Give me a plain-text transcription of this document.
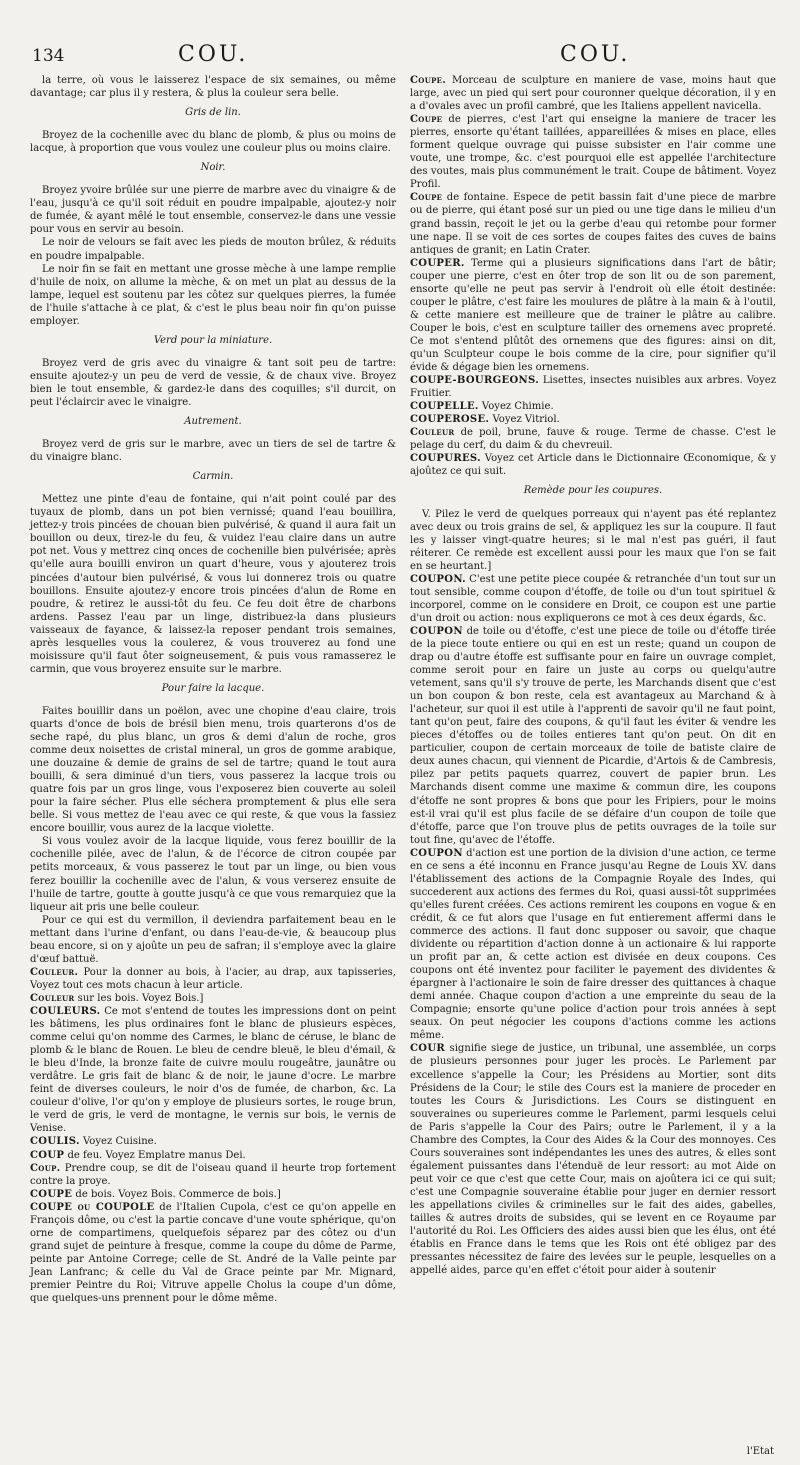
134	COU.	COU.

la terre, où vous le laisserez l'espace de six semaines, ou même davantage; car plus il y restera, & plus la couleur sera belle.

Gris de lin.

Broyez de la cochenille avec du blanc de plomb, & plus ou moins de lacque, à proportion que vous voulez une couleur plus ou moins claire.

Noir.

Broyez yvoire brûlée sur une pierre de marbre avec du vinaigre & de l'eau, jusqu'à ce qu'il soit réduit en poudre impalpable, ajoutez-y noir de fumée, & ayant mêlé le tout ensemble, conservez-le dans une vessie pour vous en servir au besoin.

Le noir de velours se fait avec les pieds de mouton brûlez, & réduits en poudre impalpable.

Le noir fin se fait en mettant une grosse mèche à une lampe remplie d'huile de noix, on allume la mèche, & on met un plat au dessus de la lampe, lequel est soutenu par les côtez sur quelques pierres, la fumée de l'huile s'attache à ce plat, & c'est le plus beau noir fin qu'on puisse employer.

Verd pour la miniature.

Broyez verd de gris avec du vinaigre & tant soit peu de tartre: ensuite ajoutez-y un peu de verd de vessie, & de chaux vive. Broyez bien le tout ensemble, & gardez-le dans des coquilles; s'il durcit, on peut l'éclaircir avec le vinaigre.

Autrement.

Broyez verd de gris sur le marbre, avec un tiers de sel de tartre & du vinaigre blanc.

Carmin.

Mettez une pinte d'eau de fontaine, qui n'ait point coulé par des tuyaux de plomb, dans un pot bien vernissé; quand l'eau bouillira, jettez-y trois pincées de chouan bien pulvérisé, & quand il aura fait un bouillon ou deux, tirez-le du feu, & vuidez l'eau claire dans un autre pot net. Vous y mettrez cinq onces de cochenille bien pulvérisée; après qu'elle aura bouilli environ un quart d'heure, vous y ajouterez trois pincées d'autour bien pulvérisé, & vous lui donnerez trois ou quatre bouillons. Ensuite ajoutez-y encore trois pincées d'alun de Rome en poudre, & retirez le aussi-tôt du feu. Ce feu doit être de charbons ardens. Passez l'eau par un linge, distribuez-la dans plusieurs vaisseaux de fayance, & laissez-la reposer pendant trois semaines, après lesquelles vous la coulerez, & vous trouverez au fond une moisissure qu'il faut ôter soigneusement, & puis vous ramasserez le carmin, que vous broyerez ensuite sur le marbre.

Pour faire la lacque.

Faites bouillir dans un poëlon, avec une chopine d'eau claire, trois quarts d'once de bois de brésil bien menu, trois quarterons d'os de seche rapé, du plus blanc, un gros & demi d'alun de roche, gros comme deux noisettes de cristal mineral, un gros de gomme arabique, une douzaine & demie de grains de sel de tartre; quand le tout aura bouilli, & sera diminué d'un tiers, vous passerez la lacque trois ou quatre fois par un gros linge, vous l'exposerez bien couverte au soleil pour la faire sécher. Plus elle séchera promptement & plus elle sera belle. Si vous mettez de l'eau avec ce qui reste, & que vous la fassiez encore bouillir, vous aurez de la lacque violette.

Si vous voulez avoir de la lacque liquide, vous ferez bouillir de la cochenille pilée, avec de l'alun, & de l'écorce de citron coupée par petits morceaux, & vous passerez le tout par un linge, ou bien vous ferez bouillir la cochenille avec de l'alun, & vous verserez ensuite de l'huile de tartre, goutte à goutte jusqu'à ce que vous remarquiez que la liqueur ait pris une belle couleur.

Pour ce qui est du vermillon, il deviendra parfaitement beau en le mettant dans l'urine d'enfant, ou dans l'eau-de-vie, & beaucoup plus beau encore, si on y ajoûte un peu de safran; il s'employe avec la glaire d'œuf battuë.

Couleur. Pour la donner au bois, à l'acier, au drap, aux tapisseries, Voyez tout ces mots chacun à leur article.

Couleur sur les bois. Voyez Bois.]

COULEURS. Ce mot s'entend de toutes les impressions dont on peint les bâtimens, les plus ordinaires font le blanc de plusieurs espèces, comme celui qu'on nomme des Carmes, le blanc de céruse, le blanc de plomb & le blanc de Rouen. Le bleu de cendre bleuë, le bleu d'émail, & le bleu d'Inde, la bronze faite de cuivre moulu rougeâtre, jaunâtre ou verdâtre. Le gris fait de blanc & de noir, le jaune d'ocre. Le marbre feint de diverses couleurs, le noir d'os de fumée, de charbon, &c. La couleur d'olive, l'or qu'on y employe de plusieurs sortes, le rouge brun, le verd de gris, le verd de montagne, le vernis sur bois, le vernis de Venise.

COULIS. Voyez Cuisine.

COUP de feu. Voyez Emplatre manus Dei.

Coup. Prendre coup, se dit de l'oiseau quand il heurte trop fortement contre la proye.

COUPE de bois. Voyez Bois. Commerce de bois.]

COUPE ou COUPOLE de l'Italien Cupola, c'est ce qu'on appelle en François dôme, ou c'est la partie concave d'une voute sphérique, qu'on orne de compartimens, quelquefois séparez par des côtez ou d'un grand sujet de peinture à fresque, comme la coupe du dôme de Parme, peinte par Antoine Correge; celle de St. André de la Valle peinte par Jean Lanfranc; & celle du Val de Grace peinte par Mr. Mignard, premier Peintre du Roi; Vitruve appelle Cholus la coupe d'un dôme, que quelques-uns prennent pour le dôme même.

Coupe. Morceau de sculpture en maniere de vase, moins haut que large, avec un pied qui sert pour couronner quelque décoration, il y en a d'ovales avec un profil cambré, que les Italiens appellent navicella.

Coupe de pierres, c'est l'art qui enseigne la maniere de tracer les pierres, ensorte qu'étant taillées, appareillées & mises en place, elles forment quelque ouvrage qui puisse subsister en l'air comme une voute, une trompe, &c. c'est pourquoi elle est appellée l'architecture des voutes, mais plus communément le trait. Coupe de bâtiment. Voyez Profil.

Coupe de fontaine. Espece de petit bassin fait d'une piece de marbre ou de pierre, qui étant posé sur un pied ou une tige dans le milieu d'un grand bassin, reçoit le jet ou la gerbe d'eau qui retombe pour former une nape. Il se voit de ces sortes de coupes faites des cuves de bains antiques de granit; en Latin Crater.

COUPER. Terme qui a plusieurs significations dans l'art de bâtir; couper une pierre, c'est en ôter trop de son lit ou de son parement, ensorte qu'elle ne peut pas servir à l'endroit où elle étoit destinée: couper le plâtre, c'est faire les moulures de plâtre à la main & à l'outil, & cette maniere est meilleure que de trainer le plâtre au calibre. Couper le bois, c'est en sculpture tailler des ornemens avec propreté. Ce mot s'entend plûtôt des ornemens que des figures: ainsi on dit, qu'un Sculpteur coupe le bois comme de la cire, pour signifier qu'il évide & dégage bien les ornemens.

COUPE-BOURGEONS. Lisettes, insectes nuisibles aux arbres. Voyez Fruitier.

COUPELLE. Voyez Chimie.

COUPEROSE. Voyez Vitriol.

Couleur de poil, brune, fauve & rouge. Terme de chasse. C'est le pelage du cerf, du daim & du chevreuil.

COUPURES. Voyez cet Article dans le Dictionnaire Œconomique, & y ajoûtez ce qui suit.

Remède pour les coupures.

V. Pilez le verd de quelques porreaux qui n'ayent pas été replantez avec deux ou trois grains de sel, & appliquez les sur la coupure. Il faut les y laisser vingt-quatre heures; si le mal n'est pas guéri, il faut réiterer. Ce remède est excellent aussi pour les maux que l'on se fait en se heurtant.]

COUPON. C'est une petite piece coupée & retranchée d'un tout sur un tout sensible, comme coupon d'étoffe, de toile ou d'un tout spirituel & incorporel, comme on le considere en Droit, ce coupon est une partie d'un droit ou action: nous expliquerons ce mot à ces deux égards, &c.

COUPON de toile ou d'étoffe, c'est une piece de toile ou d'étoffe tirée de la piece toute entiere ou qui en est un reste; quand un coupon de drap ou d'autre étoffe est suffisante pour en faire un ouvrage complet, comme seroit pour en faire un juste au corps ou quelqu'autre vetement, sans qu'il s'y trouve de perte, les Marchands disent que c'est un bon coupon & bon reste, cela est avantageux au Marchand & à l'acheteur, sur quoi il est utile à l'apprenti de savoir qu'il ne faut point, tant qu'on peut, faire des coupons, & qu'il faut les éviter & vendre les pieces d'étoffes ou de toiles entieres tant qu'on peut. On dit en particulier, coupon de certain morceaux de toile de batiste claire de deux aunes chacun, qui viennent de Picardie, d'Artois & de Cambresis, pilez par petits paquets quarrez, couvert de papier brun. Les Marchands disent comme une maxime & commun dire, les coupons d'étoffe ne sont propres & bons que pour les Fripiers, pour le moins est-il vrai qu'il est plus facile de se défaire d'un coupon de toile que d'étoffe, parce que l'on trouve plus de petits ouvrages de la toile sur tout fine, qu'avec de l'étoffe.

COUPON d'action est une portion de la division d'une action, ce terme en ce sens a été inconnu en France jusqu'au Regne de Louis XV. dans l'établissement des actions de la Compagnie Royale des Indes, qui succederent aux actions des fermes du Roi, quasi aussi-tôt supprimées qu'elles furent créées. Ces actions remirent les coupons en vogue & en crédit, & ce fut alors que l'usage en fut entierement affermi dans le commerce des actions. Il faut donc supposer ou savoir, que chaque dividente ou répartition d'action donne à un actionaire & lui rapporte un profit par an, & cette action est divisée en deux coupons. Ces coupons ont été inventez pour faciliter le payement des dividentes & épargner à l'actionaire le soin de faire dresser des quittances à chaque demi année. Chaque coupon d'action a une empreinte du seau de la Compagnie; ensorte qu'une police d'action pour trois années à sept seaux. On peut négocier les coupons d'actions comme les actions même.

COUR signifie siege de justice, un tribunal, une assemblée, un corps de plusieurs personnes pour juger les procès. Le Parlement par excellence s'appelle la Cour; les Présidens au Mortier, sont dits Présidens de la Cour; le stile des Cours est la maniere de proceder en toutes les Cours & Jurisdictions. Les Cours se distinguent en souveraines ou superieures comme le Parlement, parmi lesquels celui de Paris s'appelle la Cour des Pairs; outre le Parlement, il y a la Chambre des Comptes, la Cour des Aides & la Cour des monnoyes. Ces Cours souveraines sont indépendantes les unes des autres, & elles sont également puissantes dans l'étenduë de leur ressort: au mot Aide on peut voir ce que c'est que cette Cour, mais on ajoûtera ici ce qui suit; c'est une Compagnie souveraine établie pour juger en dernier ressort les appellations civiles & criminelles sur le fait des aides, gabelles, tailles & autres droits de subsides, qui se levent en ce Royaume par l'autorité du Roi. Les Officiers des aides aussi bien que les élus, ont été établis en France dans le tems que les Rois ont été obligez par des pressantes nécessitez de faire des levées sur le peuple, lesquelles on a appellé aides, parce qu'en effet c'étoit pour aider à soutenir

l'Etat
